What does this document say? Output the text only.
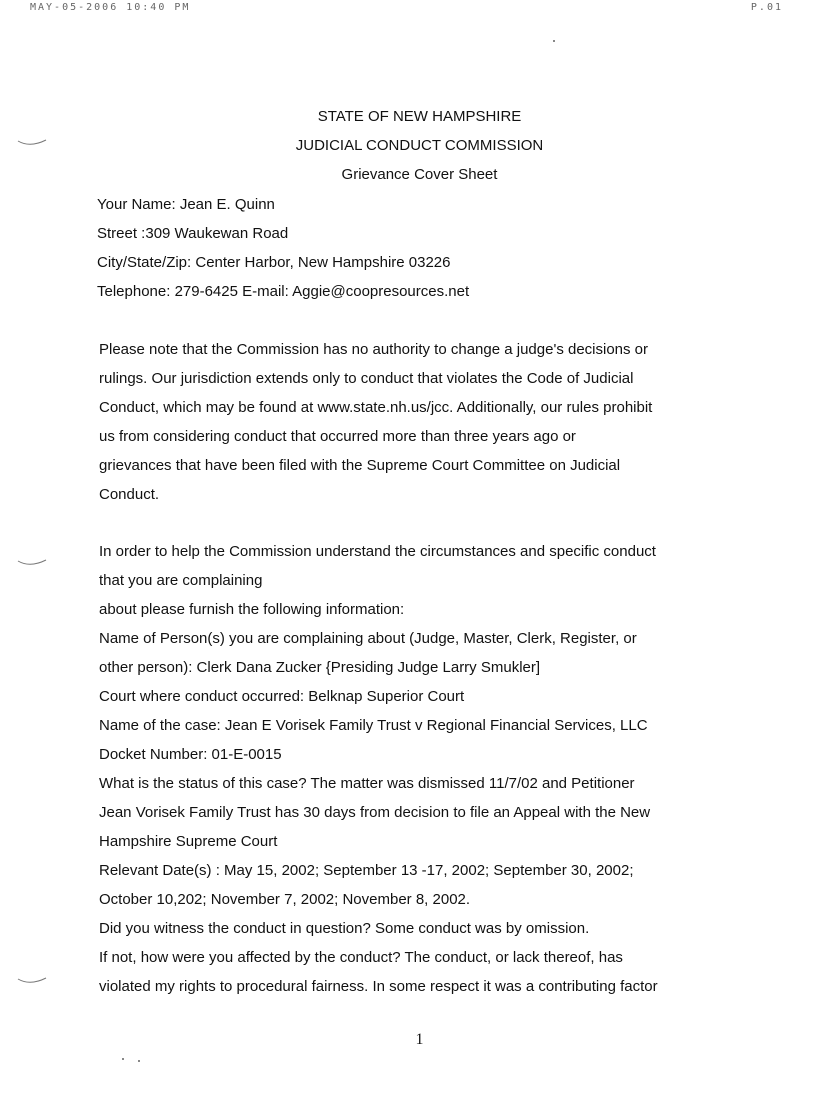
MAY-05-2006 10:40 PM	P.01
STATE OF NEW HAMPSHIRE
JUDICIAL CONDUCT COMMISSION
Grievance Cover Sheet
Your Name: Jean E. Quinn
Street :309 Waukewan Road
City/State/Zip: Center Harbor, New Hampshire 03226
Telephone: 279-6425 E-mail: Aggie@coopresources.net
Please note that the Commission has no authority to change a judge's decisions or
rulings. Our jurisdiction extends only to conduct that violates the Code of Judicial
Conduct, which may be found at www.state.nh.us/jcc. Additionally, our rules prohibit
us from considering conduct that occurred more than three years ago or
grievances that have been filed with the Supreme Court Committee on Judicial
Conduct.
In order to help the Commission understand the circumstances and specific conduct
that you are complaining
about please furnish the following information:
Name of Person(s) you are complaining about (Judge, Master, Clerk, Register, or
other person): Clerk Dana Zucker {Presiding Judge Larry Smukler]
Court where conduct occurred: Belknap Superior Court
Name of the case: Jean E Vorisek Family Trust v Regional Financial Services, LLC
Docket Number: 01-E-0015
What is the status of this case? The matter was dismissed 11/7/02 and Petitioner
Jean Vorisek Family Trust has 30 days from decision to file an Appeal with the New
Hampshire Supreme Court
Relevant Date(s) : May 15, 2002; September 13 -17, 2002; September 30, 2002;
October 10,202; November 7, 2002; November 8, 2002.
Did you witness the conduct in question? Some conduct was by omission.
If not, how were you affected by the conduct? The conduct, or lack thereof, has
violated my rights to procedural fairness. In some respect it was a contributing factor
1
